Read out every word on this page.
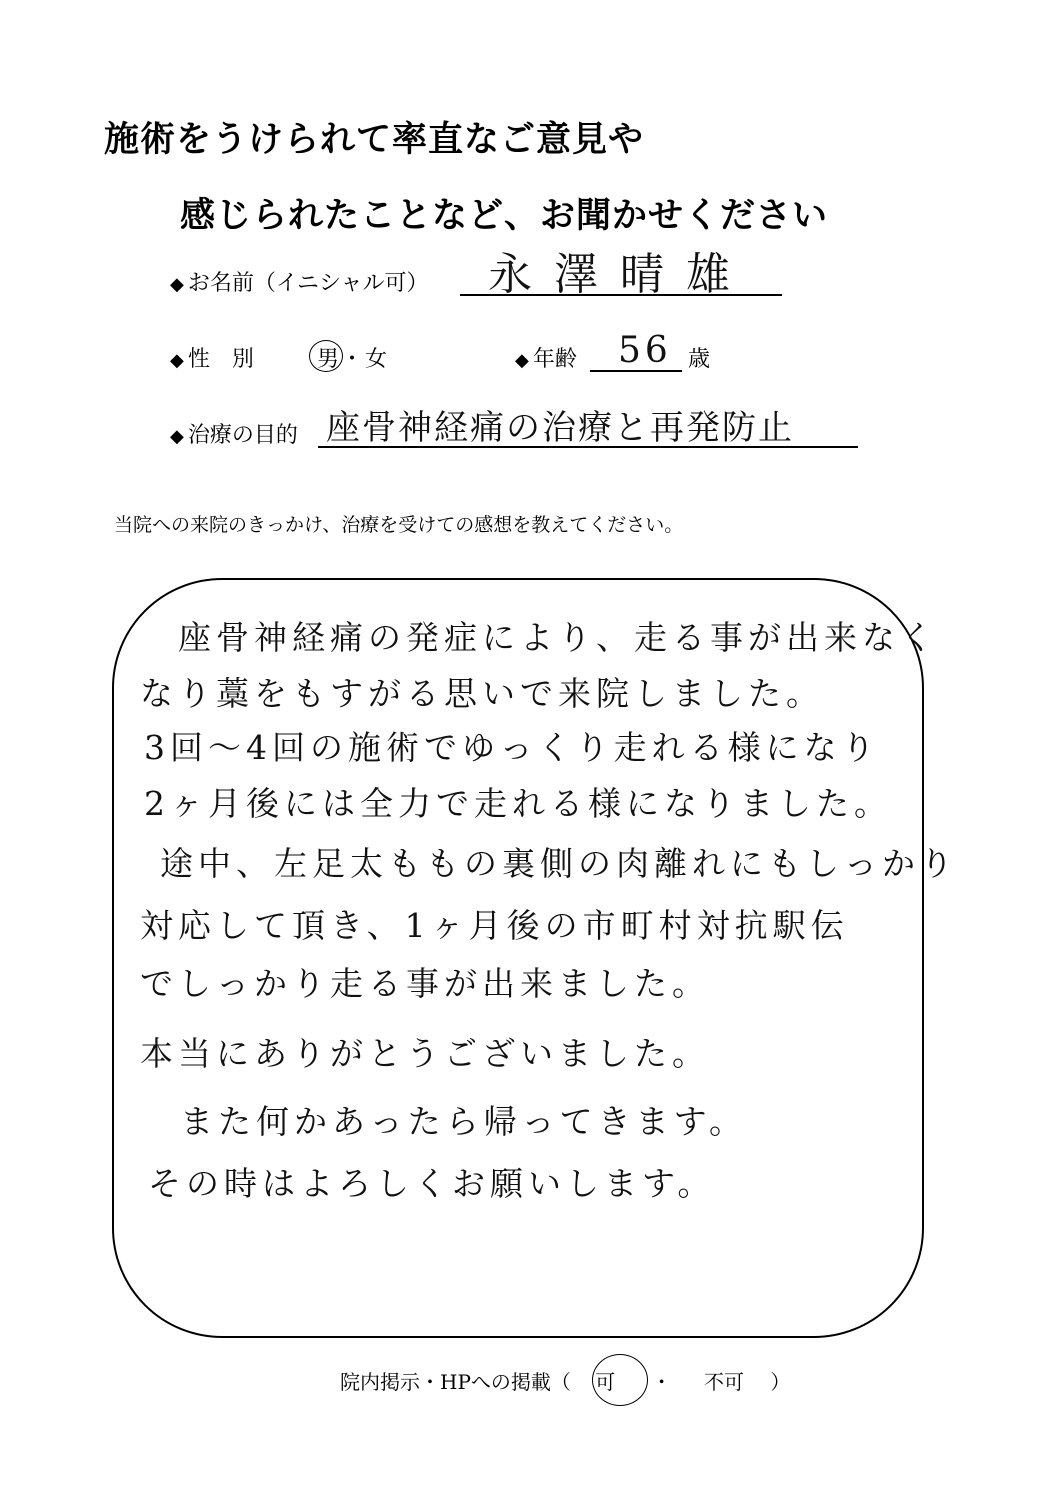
施術をうけられて率直なご意見や
感じられたことなど、お聞かせください
◆ お名前（イニシャル可） 永澤晴雄
◆ 性　別	男・女	◆ 年齢 56 歳
◆ 治療の目的 座骨神経痛の治療と再発防止
当院への来院のきっかけ、治療を受けての感想を教えてください。
座骨神経痛の発症により、走る事が出来なく
なり藁をもすがる思いで来院しました。
3回〜4回の施術でゆっくり走れる様になり
2ヶ月後には全力で走れる様になりました。
途中、左足太ももの裏側の肉離れにもしっかり
対応して頂き、1ヶ月後の市町村対抗駅伝
でしっかり走る事が出来ました。
本当にありがとうございました。
また何かあったら帰ってきます。
その時はよろしくお願いします。
院内掲示・HPへの掲載（ 可 ・ 不可 ）
